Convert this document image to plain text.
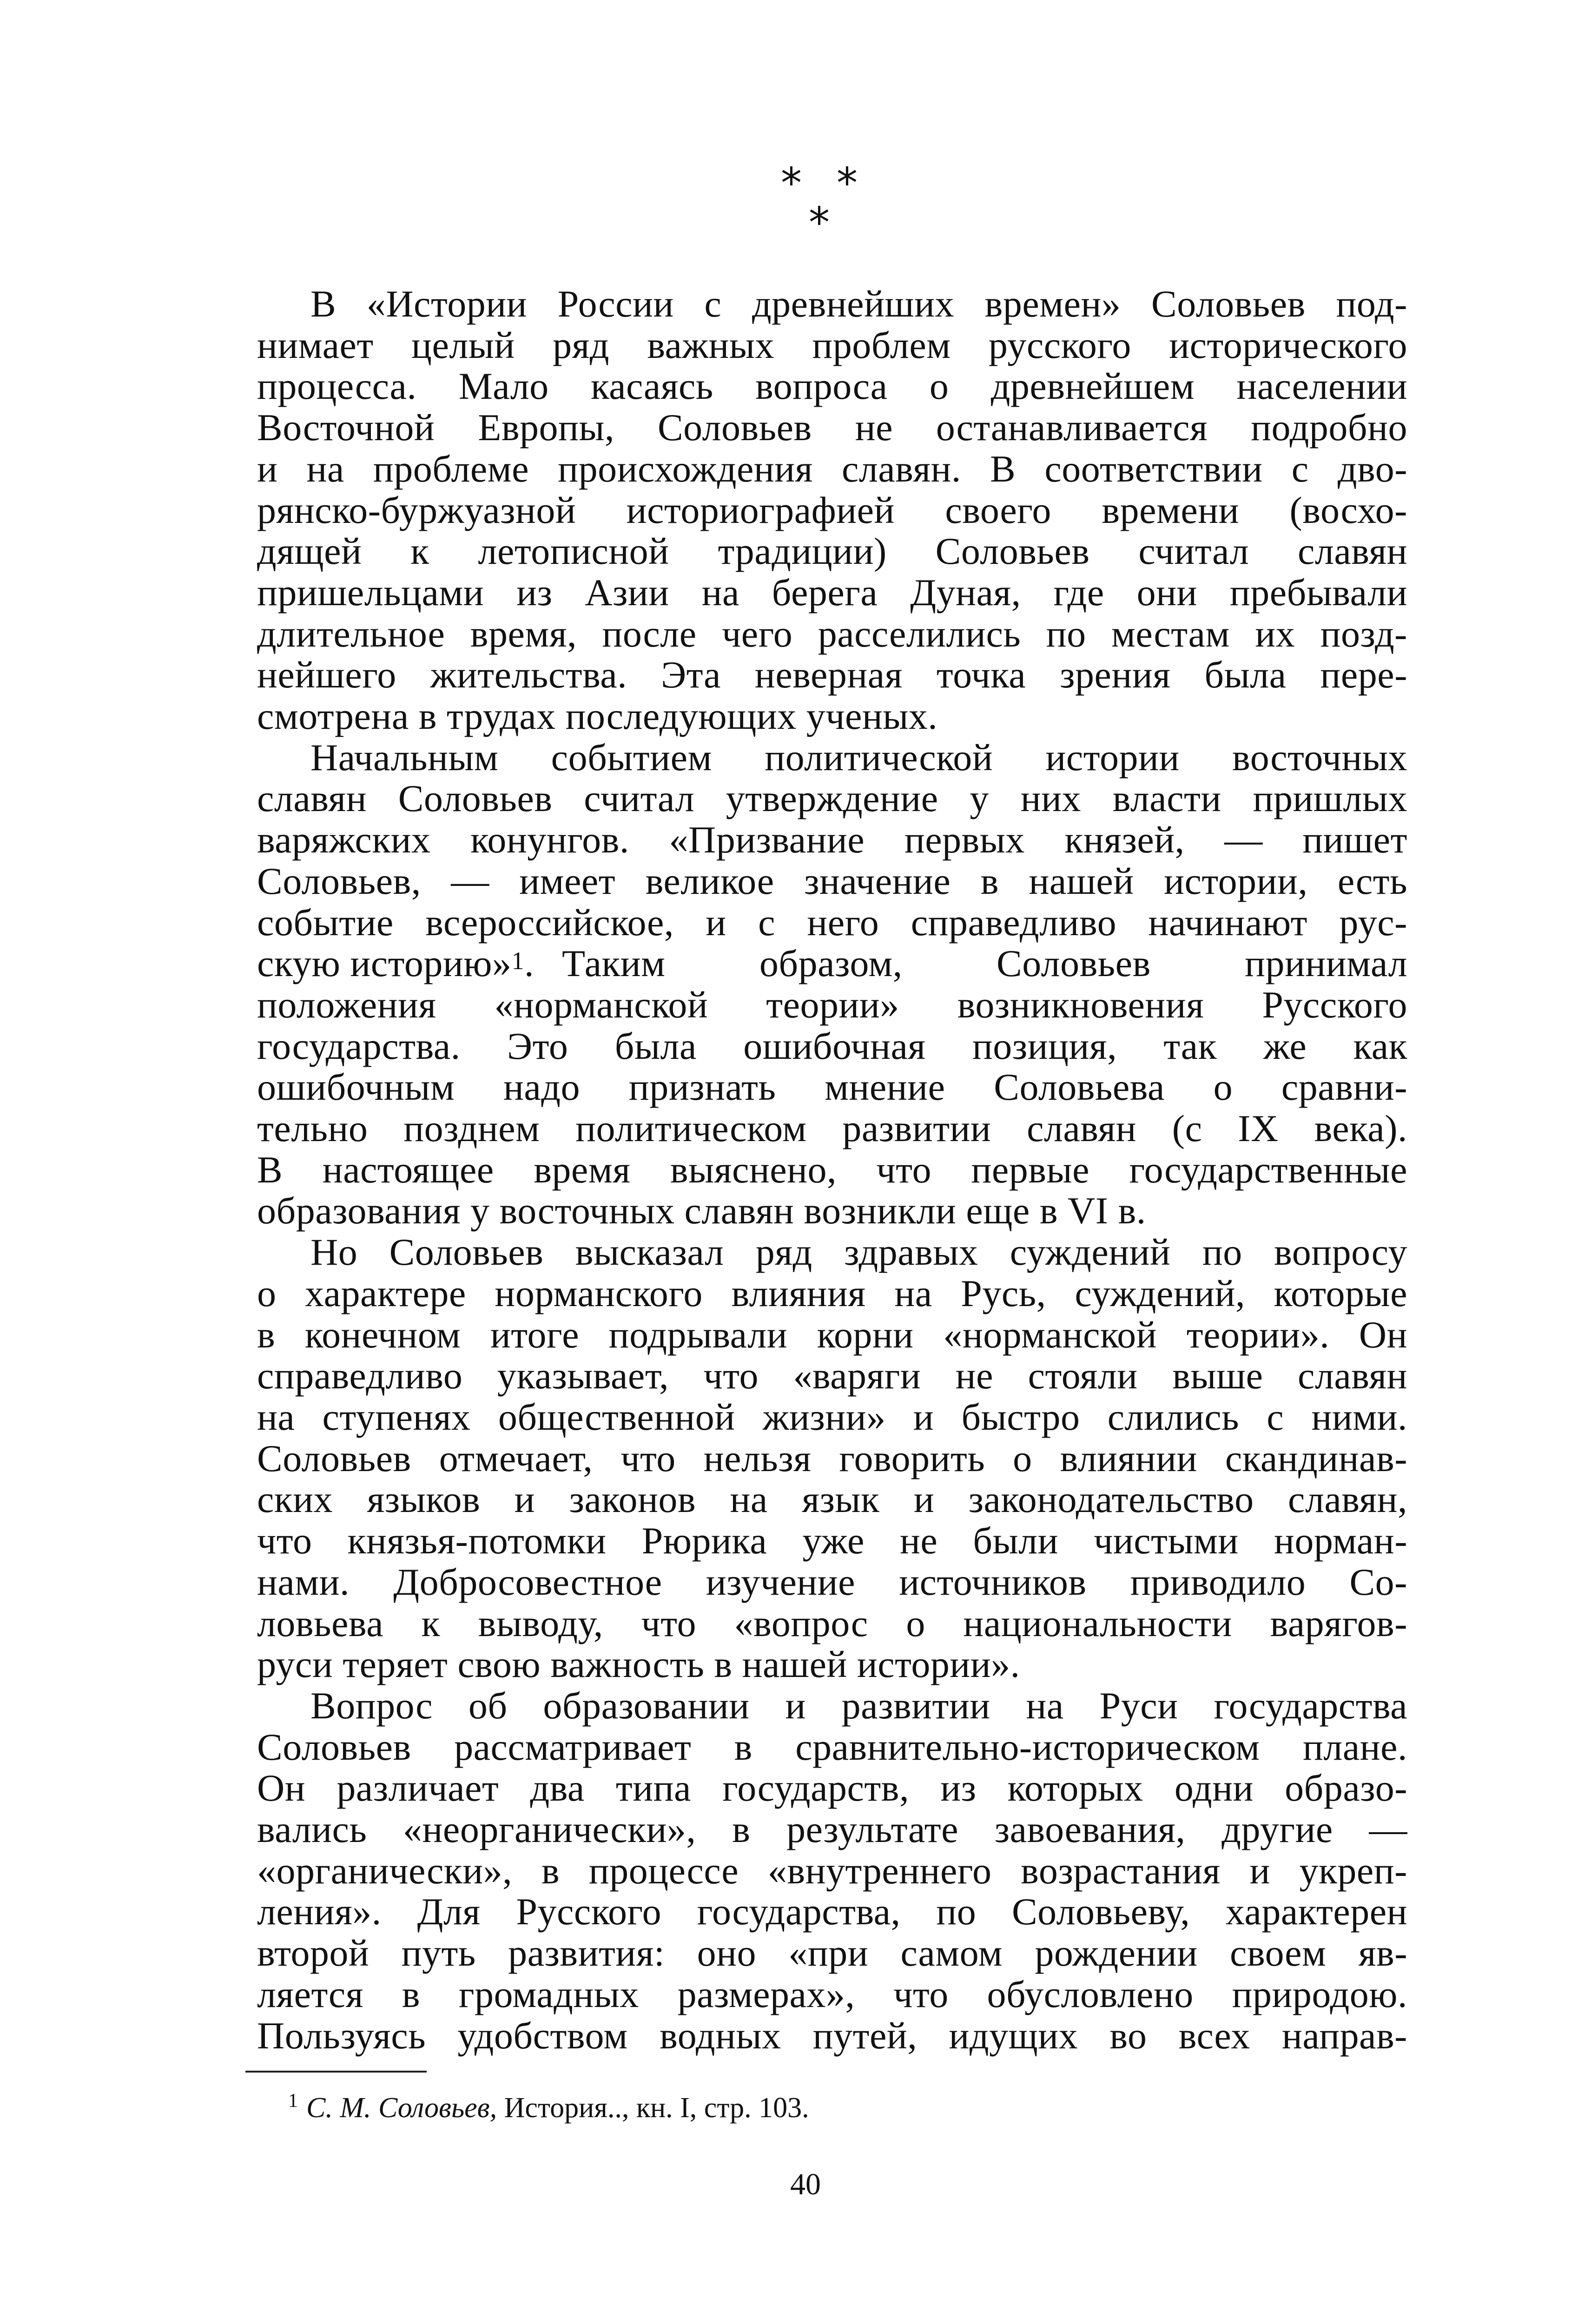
* *
*
В «Истории России с древнейших времен» Соловьев под-
нимает целый ряд важных проблем русского исторического
процесса. Мало касаясь вопроса о древнейшем населении
Восточной Европы, Соловьев не останавливается подробно
и на проблеме происхождения славян. В соответствии с дво-
рянско-буржуазной историографией своего времени (восхо-
дящей к летописной традиции) Соловьев считал славян
пришельцами из Азии на берега Дуная, где они пребывали
длительное время, после чего расселились по местам их позд-
нейшего жительства. Эта неверная точка зрения была пере-
смотрена в трудах последующих ученых.
Начальным событием политической истории восточных
славян Соловьев считал утверждение у них власти пришлых
варяжских конунгов. «Призвание первых князей, — пишет
Соловьев, — имеет великое значение в нашей истории, есть
событие всероссийское, и с него справедливо начинают рус-
скую историю»$^1$. Таким образом, Соловьев принимал
положения «норманской теории» возникновения Русского
государства. Это была ошибочная позиция, так же как
ошибочным надо признать мнение Соловьева о сравни-
тельно позднем политическом развитии славян (с IX века).
В настоящее время выяснено, что первые государственные
образования у восточных славян возникли еще в VI в.
Но Соловьев высказал ряд здравых суждений по вопросу
о характере норманского влияния на Русь, суждений, которые
в конечном итоге подрывали корни «норманской теории». Он
справедливо указывает, что «варяги не стояли выше славян
на ступенях общественной жизни» и быстро слились с ними.
Соловьев отмечает, что нельзя говорить о влиянии скандинав-
ских языков и законов на язык и законодательство славян,
что князья-потомки Рюрика уже не были чистыми норман-
нами. Добросовестное изучение источников приводило Со-
ловьева к выводу, что «вопрос о национальности варягов-
руси теряет свою важность в нашей истории».
Вопрос об образовании и развитии на Руси государства
Соловьев рассматривает в сравнительно-историческом плане.
Он различает два типа государств, из которых одни образо-
вались «неорганически», в результате завоевания, другие —
«органически», в процессе «внутреннего возрастания и укреп-
ления». Для Русского государства, по Соловьеву, характерен
второй путь развития: оно «при самом рождении своем яв-
ляется в громадных размерах», что обусловлено природою.
Пользуясь удобством водных путей, идущих во всех направ-
$^1$ С. М. Соловьев, История.., кн. I, стр. 103.
40
